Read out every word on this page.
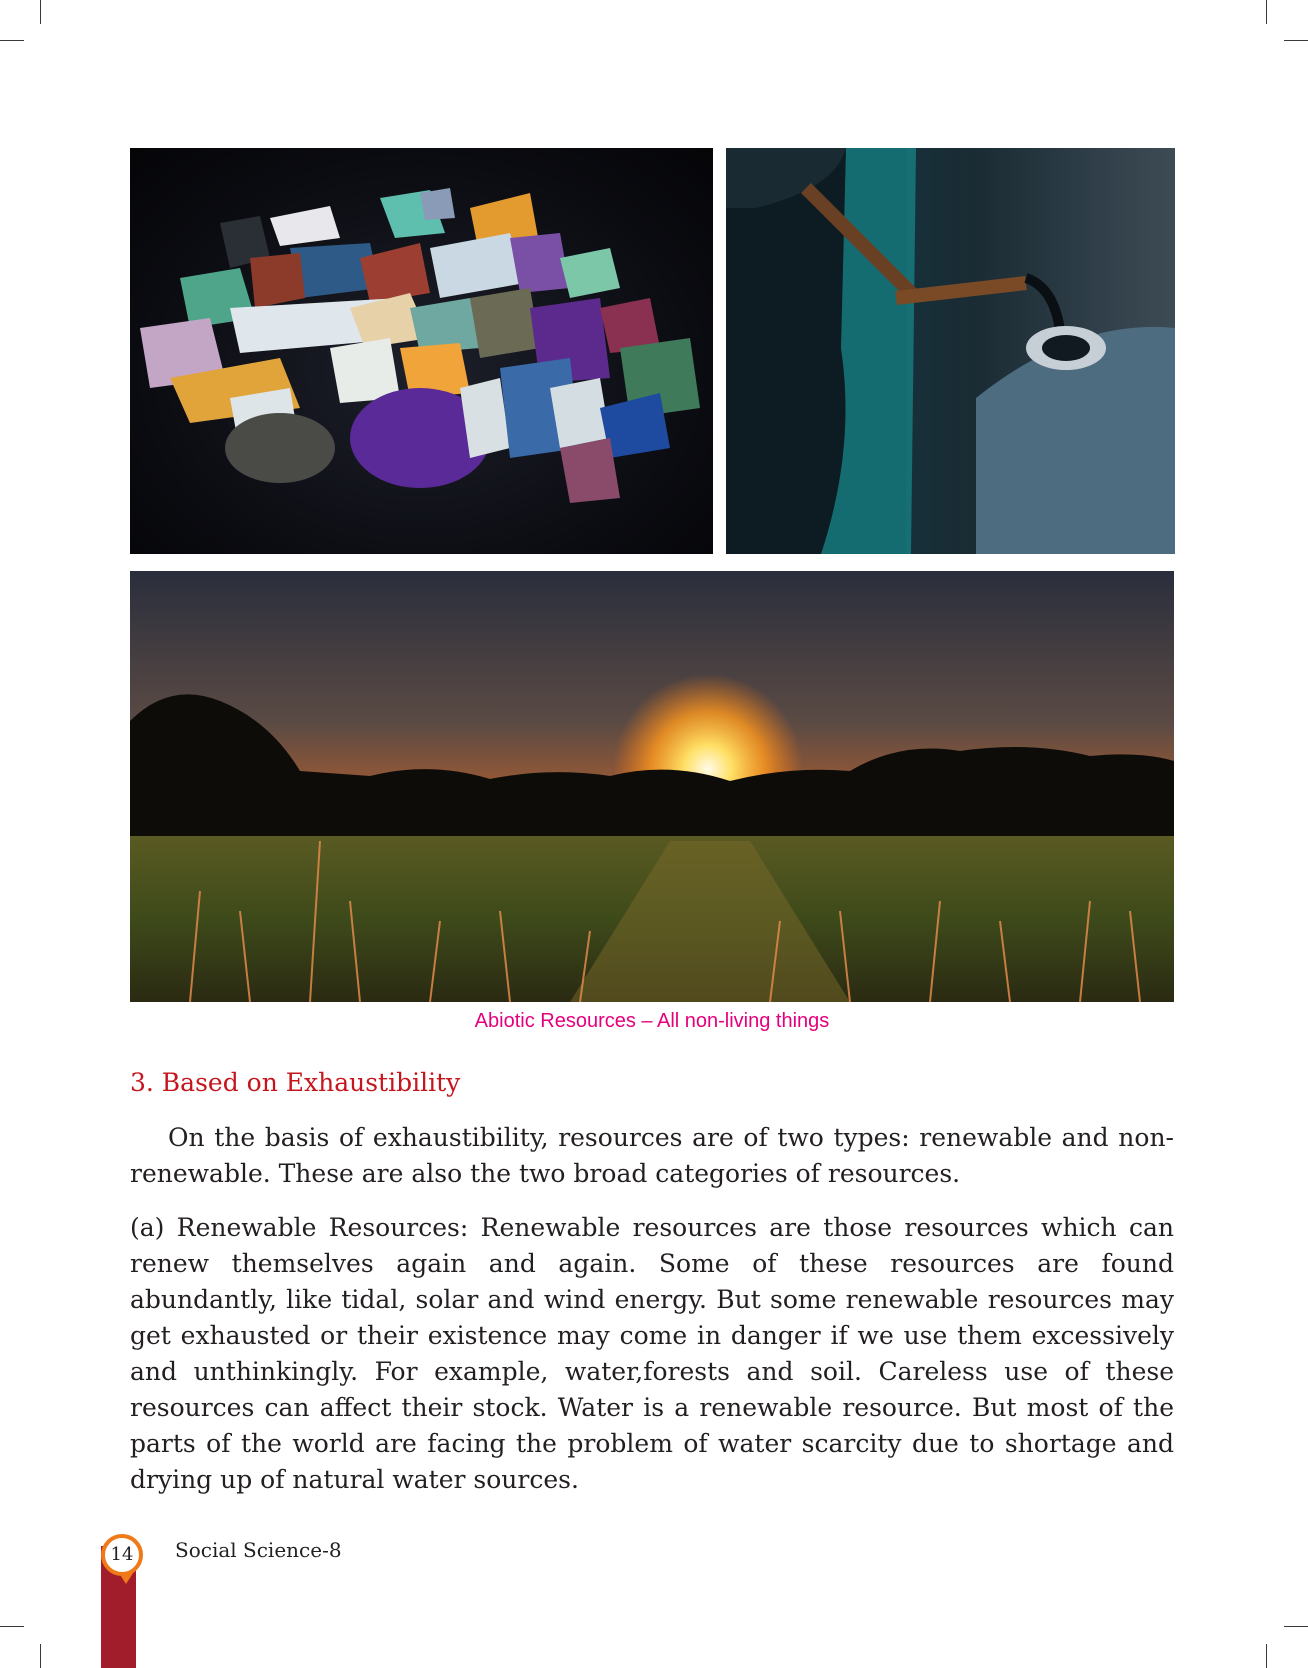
Abiotic Resources – All non-living things
3. Based on Exhaustibility

On the basis of exhaustibility, resources are of two types: renewable and non-renewable. These are also the two broad categories of resources.

(a) Renewable Resources: Renewable resources are those resources which can renew themselves again and again. Some of these resources are found abundantly, like tidal, solar and wind energy. But some renewable resources may get exhausted or their existence may come in danger if we use them excessively and unthinkingly. For example, water,forests and soil. Careless use of these resources can affect their stock. Water is a renewable resource. But most of the parts of the world are facing the problem of water scarcity due to shortage and drying up of natural water sources.

14	Social Science-8
